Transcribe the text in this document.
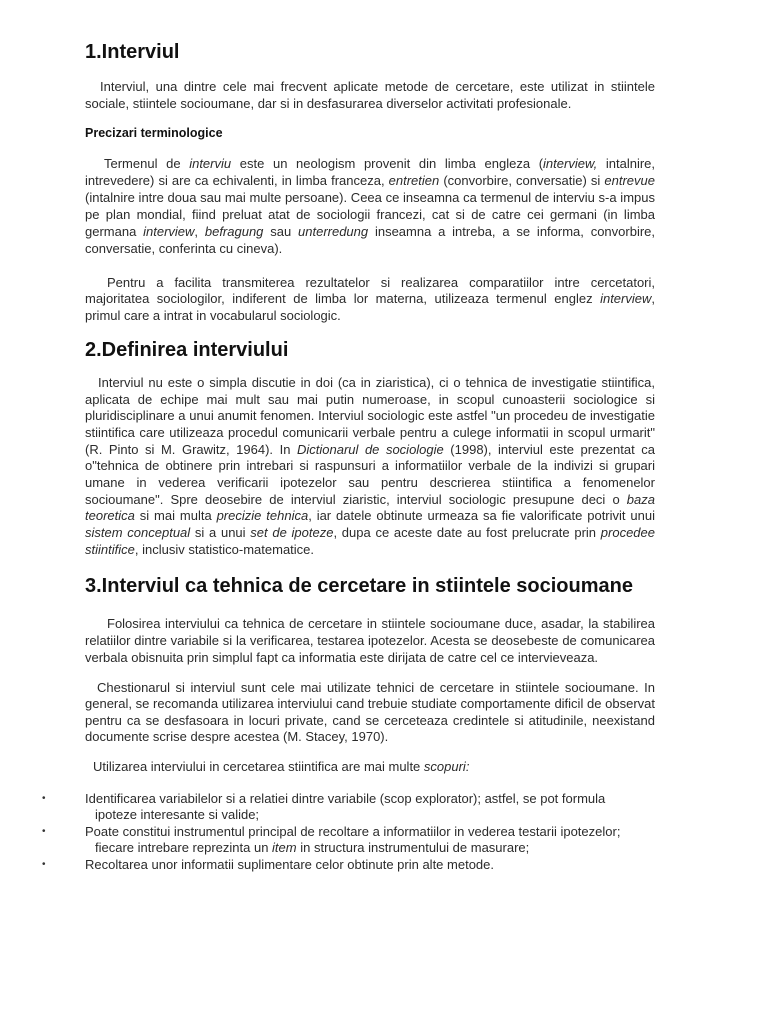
1.Interviul

Interviul, una dintre cele mai frecvent aplicate metode de cercetare, este utilizat in stiintele sociale, stiintele socioumane, dar si in desfasurarea diverselor activitati profesionale.

Precizari terminologice

Termenul de interviu este un neologism provenit din limba engleza (interview, intalnire, intrevedere) si are ca echivalenti, in limba franceza, entretien (convorbire, conversatie) si entrevue (intalnire intre doua sau mai multe persoane). Ceea ce inseamna ca termenul de interviu s-a impus pe plan mondial, fiind preluat atat de sociologii francezi, cat si de catre cei germani (in limba germana interview, befragung sau unterredung inseamna a intreba, a se informa, convorbire, conversatie, conferinta cu cineva).

Pentru a facilita transmiterea rezultatelor si realizarea comparatiilor intre cercetatori, majoritatea sociologilor, indiferent de limba lor materna, utilizeaza termenul englez interview, primul care a intrat in vocabularul sociologic.

2.Definirea interviului

Interviul nu este o simpla discutie in doi (ca in ziaristica), ci o tehnica de investigatie stiintifica, aplicata de echipe mai mult sau mai putin numeroase, in scopul cunoasterii sociologice si pluridisciplinare a unui anumit fenomen. Interviul sociologic este astfel "un procedeu de investigatie stiintifica care utilizeaza procedul comunicarii verbale pentru a culege informatii in scopul urmarit" (R. Pinto si M. Grawitz, 1964). In Dictionarul de sociologie (1998), interviul este prezentat ca o"tehnica de obtinere prin intrebari si raspunsuri a informatiilor verbale de la indivizi si grupari umane in vederea verificarii ipotezelor sau pentru descrierea stiintifica a fenomenelor socioumane". Spre deosebire de interviul ziaristic, interviul sociologic presupune deci o baza teoretica si mai multa precizie tehnica, iar datele obtinute urmeaza sa fie valorificate potrivit unui sistem conceptual si a unui set de ipoteze, dupa ce aceste date au fost prelucrate prin procedee stiintifice, inclusiv statistico-matematice.

3.Interviul ca tehnica de cercetare in stiintele socioumane

Folosirea interviului ca tehnica de cercetare in stiintele socioumane duce, asadar, la stabilirea relatiilor dintre variabile si la verificarea, testarea ipotezelor. Acesta se deosebeste de comunicarea verbala obisnuita prin simplul fapt ca informatia este dirijata de catre cel ce intervieveaza.

Chestionarul si interviul sunt cele mai utilizate tehnici de cercetare in stiintele socioumane. In general, se recomanda utilizarea interviului cand trebuie studiate comportamente dificil de observat pentru ca se desfasoara in locuri private, cand se cerceteaza credintele si atitudinile, neexistand documente scrise despre acestea (M. Stacey, 1970).

Utilizarea interviului in cercetarea stiintifica are mai multe scopuri:

•	Identificarea variabilelor si a relatiei dintre variabile (scop explorator); astfel, se pot formula ipoteze interesante si valide;
•	Poate constitui instrumentul principal de recoltare a informatiilor in vederea testarii ipotezelor; fiecare intrebare reprezinta un item in structura instrumentului de masurare;
•	Recoltarea unor informatii suplimentare celor obtinute prin alte metode.
